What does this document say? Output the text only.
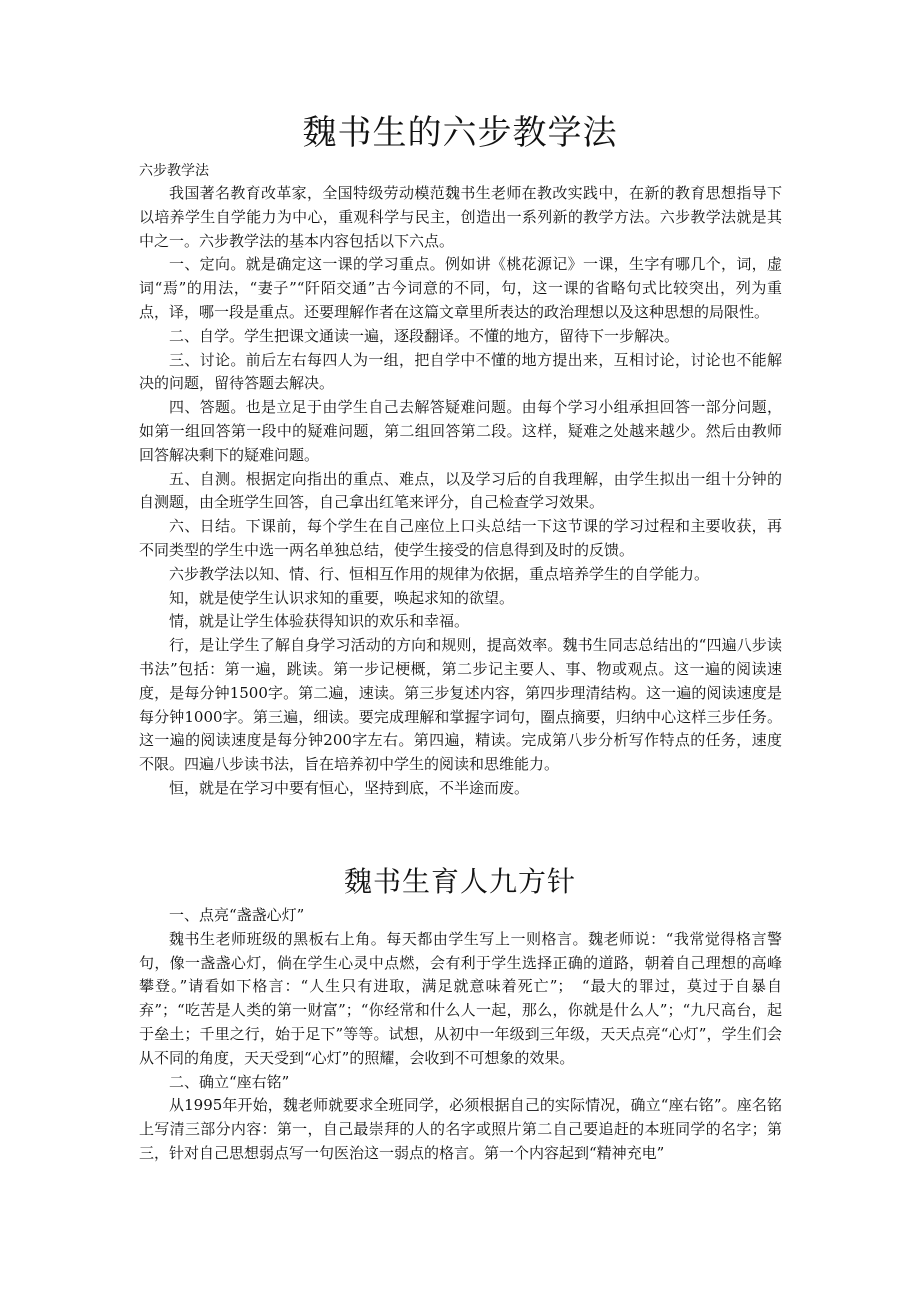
魏书生的六步教学法
六步教学法

我国著名教育改革家，全国特级劳动模范魏书生老师在教改实践中，在新的教育思想指导下以培养学生自学能力为中心，重观科学与民主，创造出一系列新的教学方法。六步教学法就是其中之一。六步教学法的基本内容包括以下六点。

一、定向。就是确定这一课的学习重点。例如讲《桃花源记》一课，生字有哪几个，词，虚词“焉”的用法，“妻子”“阡陌交通”古今词意的不同，句，这一课的省略句式比较突出，列为重点，译，哪一段是重点。还要理解作者在这篇文章里所表达的政治理想以及这种思想的局限性。

二、自学。学生把课文通读一遍，逐段翻译。不懂的地方，留待下一步解决。

三、讨论。前后左右每四人为一组，把自学中不懂的地方提出来，互相讨论，讨论也不能解决的问题，留待答题去解决。

四、答题。也是立足于由学生自己去解答疑难问题。由每个学习小组承担回答一部分问题，如第一组回答第一段中的疑难问题，第二组回答第二段。这样，疑难之处越来越少。然后由教师回答解决剩下的疑难问题。

五、自测。根据定向指出的重点、难点，以及学习后的自我理解，由学生拟出一组十分钟的自测题，由全班学生回答，自己拿出红笔来评分，自己检查学习效果。

六、日结。下课前，每个学生在自己座位上口头总结一下这节课的学习过程和主要收获，再不同类型的学生中选一两名单独总结，使学生接受的信息得到及时的反馈。

六步教学法以知、情、行、恒相互作用的规律为依据，重点培养学生的自学能力。

知，就是使学生认识求知的重要，唤起求知的欲望。

情，就是让学生体验获得知识的欢乐和幸福。

行，是让学生了解自身学习活动的方向和规则，提高效率。魏书生同志总结出的“四遍八步读书法”包括：第一遍，跳读。第一步记梗概，第二步记主要人、事、物或观点。这一遍的阅读速度，是每分钟1500字。第二遍，速读。第三步复述内容，第四步理清结构。这一遍的阅读速度是每分钟1000字。第三遍，细读。要完成理解和掌握字词句，圈点摘要，归纳中心这样三步任务。这一遍的阅读速度是每分钟200字左右。第四遍，精读。完成第八步分析写作特点的任务，速度不限。四遍八步读书法，旨在培养初中学生的阅读和思维能力。

恒，就是在学习中要有恒心，坚持到底，不半途而废。

魏书生育人九方针

一、点亮“盏盏心灯”

魏书生老师班级的黑板右上角。每天都由学生写上一则格言。魏老师说：“我常觉得格言警句，像一盏盏心灯，倘在学生心灵中点燃，会有利于学生选择正确的道路，朝着自己理想的高峰攀登。”请看如下格言：“人生只有进取，满足就意味着死亡”；　“最大的罪过，莫过于自暴自弃”；“吃苦是人类的第一财富”；“你经常和什么人一起，那么，你就是什么人”；“九尺高台，起于垒土；千里之行，始于足下”等等。试想，从初中一年级到三年级，天天点亮“心灯”，学生们会从不同的角度，天天受到“心灯”的照耀，会收到不可想象的效果。

二、确立“座右铭”

从1995年开始，魏老师就要求全班同学，必须根据自己的实际情况，确立“座右铭”。座名铭上写清三部分内容：第一，自己最崇拜的人的名字或照片第二自己要追赶的本班同学的名字；第三，针对自己思想弱点写一句医治这一弱点的格言。第一个内容起到“精神充电”
